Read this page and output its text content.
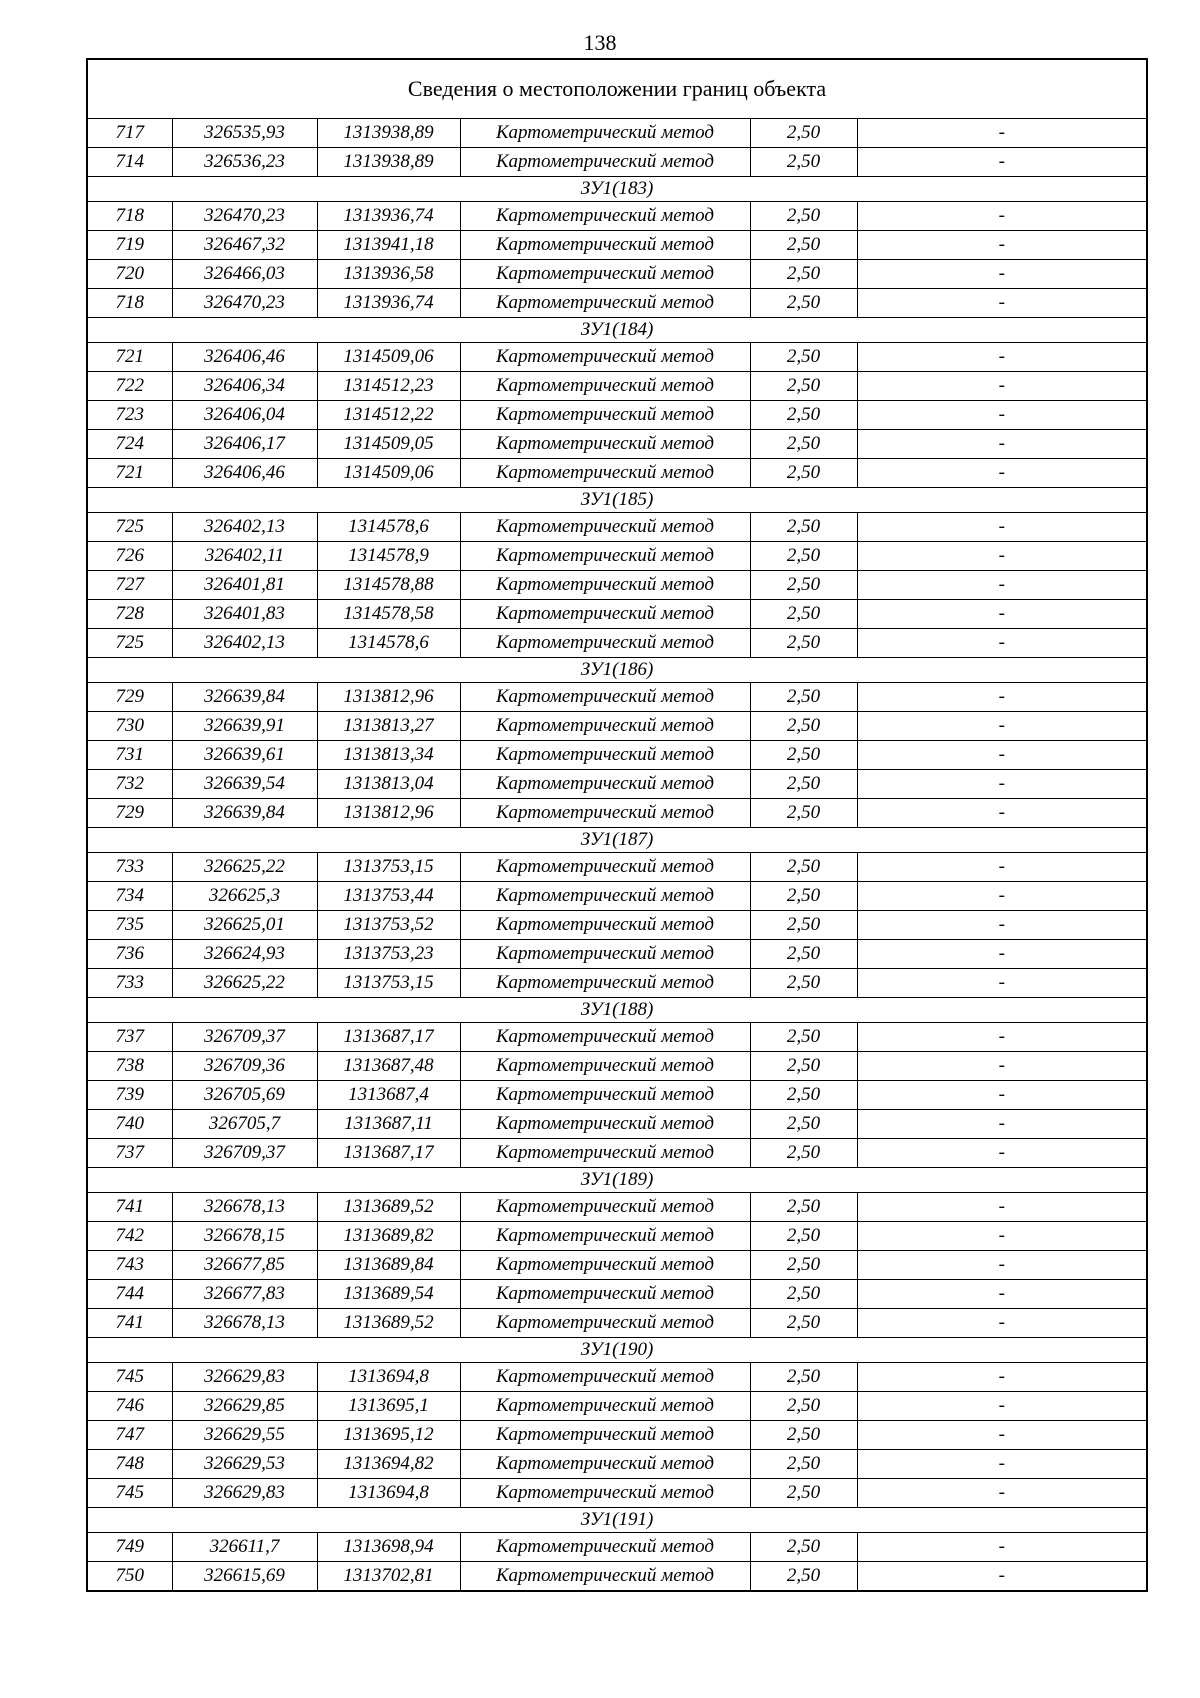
138
Сведения о местоположении границ объекта					
717	326535,93	1313938,89	Картометрический метод	2,50	-
714	326536,23	1313938,89	Картометрический метод	2,50	-
ЗУ1(183)					
718	326470,23	1313936,74	Картометрический метод	2,50	-
719	326467,32	1313941,18	Картометрический метод	2,50	-
720	326466,03	1313936,58	Картометрический метод	2,50	-
718	326470,23	1313936,74	Картометрический метод	2,50	-
ЗУ1(184)					
721	326406,46	1314509,06	Картометрический метод	2,50	-
722	326406,34	1314512,23	Картометрический метод	2,50	-
723	326406,04	1314512,22	Картометрический метод	2,50	-
724	326406,17	1314509,05	Картометрический метод	2,50	-
721	326406,46	1314509,06	Картометрический метод	2,50	-
ЗУ1(185)					
725	326402,13	1314578,6	Картометрический метод	2,50	-
726	326402,11	1314578,9	Картометрический метод	2,50	-
727	326401,81	1314578,88	Картометрический метод	2,50	-
728	326401,83	1314578,58	Картометрический метод	2,50	-
725	326402,13	1314578,6	Картометрический метод	2,50	-
ЗУ1(186)					
729	326639,84	1313812,96	Картометрический метод	2,50	-
730	326639,91	1313813,27	Картометрический метод	2,50	-
731	326639,61	1313813,34	Картометрический метод	2,50	-
732	326639,54	1313813,04	Картометрический метод	2,50	-
729	326639,84	1313812,96	Картометрический метод	2,50	-
ЗУ1(187)					
733	326625,22	1313753,15	Картометрический метод	2,50	-
734	326625,3	1313753,44	Картометрический метод	2,50	-
735	326625,01	1313753,52	Картометрический метод	2,50	-
736	326624,93	1313753,23	Картометрический метод	2,50	-
733	326625,22	1313753,15	Картометрический метод	2,50	-
ЗУ1(188)					
737	326709,37	1313687,17	Картометрический метод	2,50	-
738	326709,36	1313687,48	Картометрический метод	2,50	-
739	326705,69	1313687,4	Картометрический метод	2,50	-
740	326705,7	1313687,11	Картометрический метод	2,50	-
737	326709,37	1313687,17	Картометрический метод	2,50	-
ЗУ1(189)					
741	326678,13	1313689,52	Картометрический метод	2,50	-
742	326678,15	1313689,82	Картометрический метод	2,50	-
743	326677,85	1313689,84	Картометрический метод	2,50	-
744	326677,83	1313689,54	Картометрический метод	2,50	-
741	326678,13	1313689,52	Картометрический метод	2,50	-
ЗУ1(190)					
745	326629,83	1313694,8	Картометрический метод	2,50	-
746	326629,85	1313695,1	Картометрический метод	2,50	-
747	326629,55	1313695,12	Картометрический метод	2,50	-
748	326629,53	1313694,82	Картометрический метод	2,50	-
745	326629,83	1313694,8	Картометрический метод	2,50	-
ЗУ1(191)					
749	326611,7	1313698,94	Картометрический метод	2,50	-
750	326615,69	1313702,81	Картометрический метод	2,50	-
